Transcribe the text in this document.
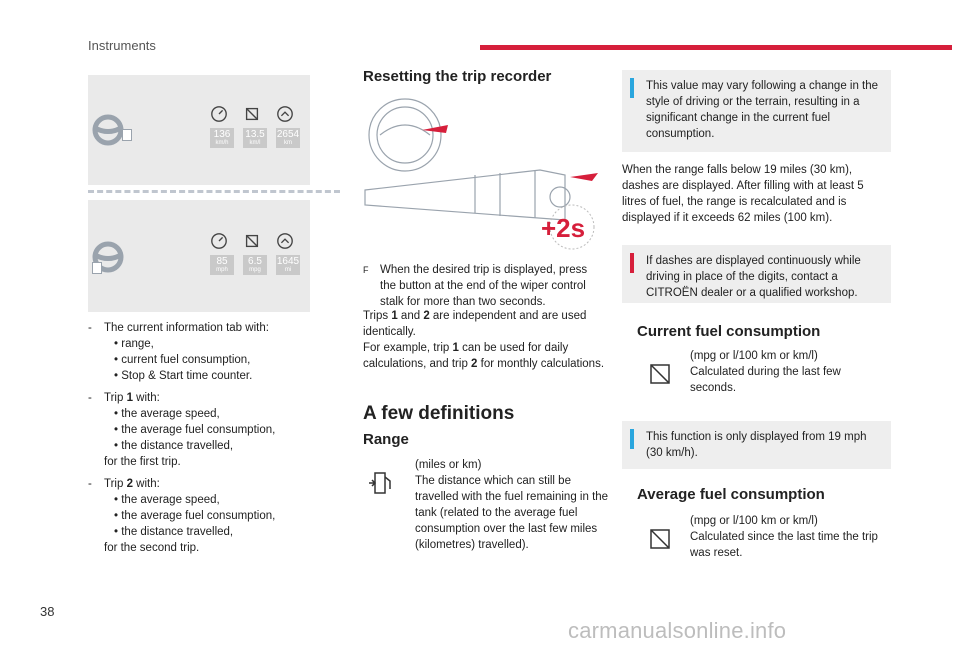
Instruments
136
km/h
13.5
km/l
2654
km
85
mph
6.5
mpg
1645
mi
- The current information tab with:
• range,
• current fuel consumption,
• Stop & Start time counter.
- Trip 1 with:
• the average speed,
• the average fuel consumption,
• the distance travelled,
for the first trip.
- Trip 2 with:
• the average speed,
• the average fuel consumption,
• the distance travelled,
for the second trip.
Resetting the trip recorder
+2s
F When the desired trip is displayed, press the button at the end of the wiper control stalk for more than two seconds.
Trips 1 and 2 are independent and are used identically.
For example, trip 1 can be used for daily calculations, and trip 2 for monthly calculations.
A few definitions
Range
(miles or km)
The distance which can still be travelled with the fuel remaining in the tank (related to the average fuel consumption over the last few miles (kilometres) travelled).
This value may vary following a change in the style of driving or the terrain, resulting in a significant change in the current fuel consumption.
When the range falls below 19 miles (30 km), dashes are displayed. After filling with at least 5 litres of fuel, the range is recalculated and is displayed if it exceeds 62 miles (100 km).
If dashes are displayed continuously while driving in place of the digits, contact a CITROËN dealer or a qualified workshop.
Current fuel consumption
(mpg or l/100 km or km/l)
Calculated during the last few seconds.
This function is only displayed from 19 mph (30 km/h).
Average fuel consumption
(mpg or l/100 km or km/l)
Calculated since the last time the trip was reset.
38
carmanualsonline.info
